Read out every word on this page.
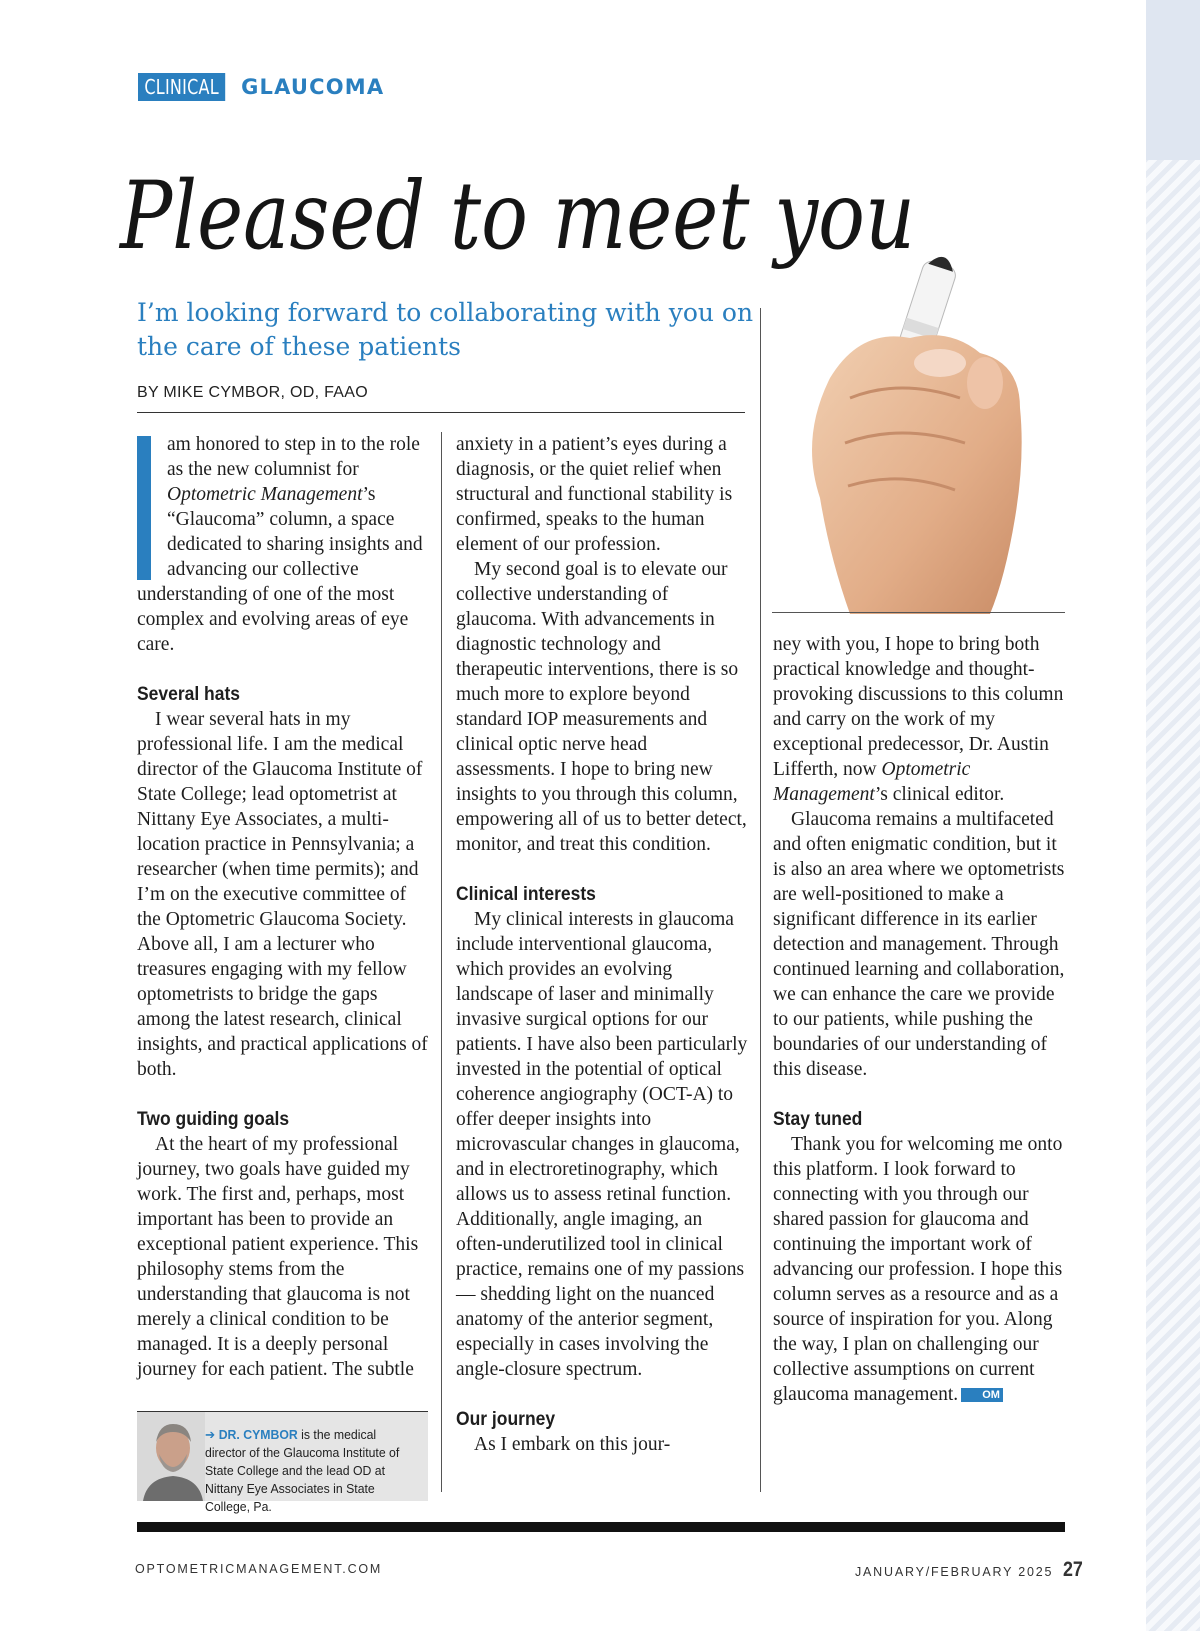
CLINICAL	GLAUCOMA
Pleased to meet you
I’m looking forward to collaborating with you on the care of these patients
BY MIKE CYMBOR, OD, FAAO

am honored to step in to the role as the new columnist for Optometric Management’s “Glaucoma” column, a space dedicated to sharing insights and advancing our collective understanding of one of the most complex and evolving areas of eye care.

Several hats

I wear several hats in my professional life. I am the medical director of the Glaucoma Institute of State College; lead optometrist at Nittany Eye Associates, a multi-location practice in Pennsylvania; a researcher (when time permits); and I’m on the executive committee of the Optometric Glaucoma Society. Above all, I am a lecturer who treasures engaging with my fellow optometrists to bridge the gaps among the latest research, clinical insights, and practical applications of both.

Two guiding goals

At the heart of my professional journey, two goals have guided my work. The first and, perhaps, most important has been to provide an exceptional patient experience. This philosophy stems from the understanding that glaucoma is not merely a clinical condition to be managed. It is a deeply personal journey for each patient. The subtle

anxiety in a patient’s eyes during a diagnosis, or the quiet relief when structural and functional stability is confirmed, speaks to the human element of our profession.

My second goal is to elevate our collective understanding of glaucoma. With advancements in diagnostic technology and therapeutic interventions, there is so much more to explore beyond standard IOP measurements and clinical optic nerve head assessments. I hope to bring new insights to you through this column, empowering all of us to better detect, monitor, and treat this condition.

Clinical interests

My clinical interests in glaucoma include interventional glaucoma, which provides an evolving landscape of laser and minimally invasive surgical options for our patients. I have also been particularly invested in the potential of optical coherence angiography (OCT-A) to offer deeper insights into microvascular changes in glaucoma, and in electroretinography, which allows us to assess retinal function. Additionally, angle imaging, an often-underutilized tool in clinical practice, remains one of my passions — shedding light on the nuanced anatomy of the anterior segment, especially in cases involving the angle-closure spectrum.

Our journey

As I embark on this jour-

ney with you, I hope to bring both practical knowledge and thought-provoking discussions to this column and carry on the work of my exceptional predecessor, Dr. Austin Lifferth, now Optometric Management’s clinical editor.

Glaucoma remains a multifaceted and often enigmatic condition, but it is also an area where we optometrists are well-positioned to make a significant difference in its earlier detection and management. Through continued learning and collaboration, we can enhance the care we provide to our patients, while pushing the boundaries of our understanding of this disease.

Stay tuned

Thank you for welcoming me onto this platform. I look forward to connecting with you through our shared passion for glaucoma and continuing the important work of advancing our profession. I hope this column serves as a resource and as a source of inspiration for you. Along the way, I plan on challenging our collective assumptions on current glaucoma management. OM

➔ DR. CYMBOR is the medical director of the Glaucoma Institute of State College and the lead OD at Nittany Eye Associates in State College, Pa.
OPTOMETRICMANAGEMENT.COM	JANUARY/FEBRUARY 2025 27
